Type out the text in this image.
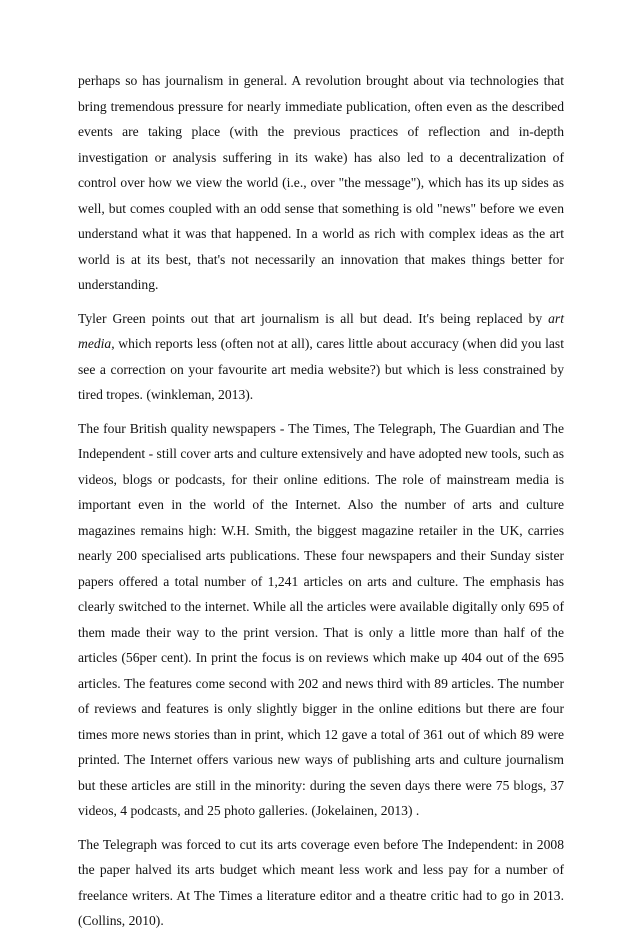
perhaps so has journalism in general. A revolution brought about via technologies that bring tremendous pressure for nearly immediate publication, often even as the described events are taking place (with the previous practices of reflection and in-depth investigation or analysis suffering in its wake) has also led to a decentralization of control over how we view the world (i.e., over "the message"), which has its up sides as well, but comes coupled with an odd sense that something is old "news" before we even understand what it was that happened. In a world as rich with complex ideas as the art world is at its best, that's not necessarily an innovation that makes things better for understanding.

Tyler Green points out that art journalism is all but dead. It's being replaced by art media, which reports less (often not at all), cares little about accuracy (when did you last see a correction on your favourite art media website?) but which is less constrained by tired tropes. (winkleman, 2013).

The four British quality newspapers - The Times, The Telegraph, The Guardian and The Independent - still cover arts and culture extensively and have adopted new tools, such as videos, blogs or podcasts, for their online editions. The role of mainstream media is important even in the world of the Internet. Also the number of arts and culture magazines remains high: W.H. Smith, the biggest magazine retailer in the UK, carries nearly 200 specialised arts publications. These four newspapers and their Sunday sister papers offered a total number of 1,241 articles on arts and culture. The emphasis has clearly switched to the internet. While all the articles were available digitally only 695 of them made their way to the print version. That is only a little more than half of the articles (56per cent). In print the focus is on reviews which make up 404 out of the 695 articles. The features come second with 202 and news third with 89 articles. The number of reviews and features is only slightly bigger in the online editions but there are four times more news stories than in print, which 12 gave a total of 361 out of which 89 were printed. The Internet offers various new ways of publishing arts and culture journalism but these articles are still in the minority: during the seven days there were 75 blogs, 37 videos, 4 podcasts, and 25 photo galleries. (Jokelainen, 2013) .

The Telegraph was forced to cut its arts coverage even before The Independent: in 2008 the paper halved its arts budget which meant less work and less pay for a number of freelance writers. At The Times a literature editor and a theatre critic had to go in 2013. (Collins, 2010).
